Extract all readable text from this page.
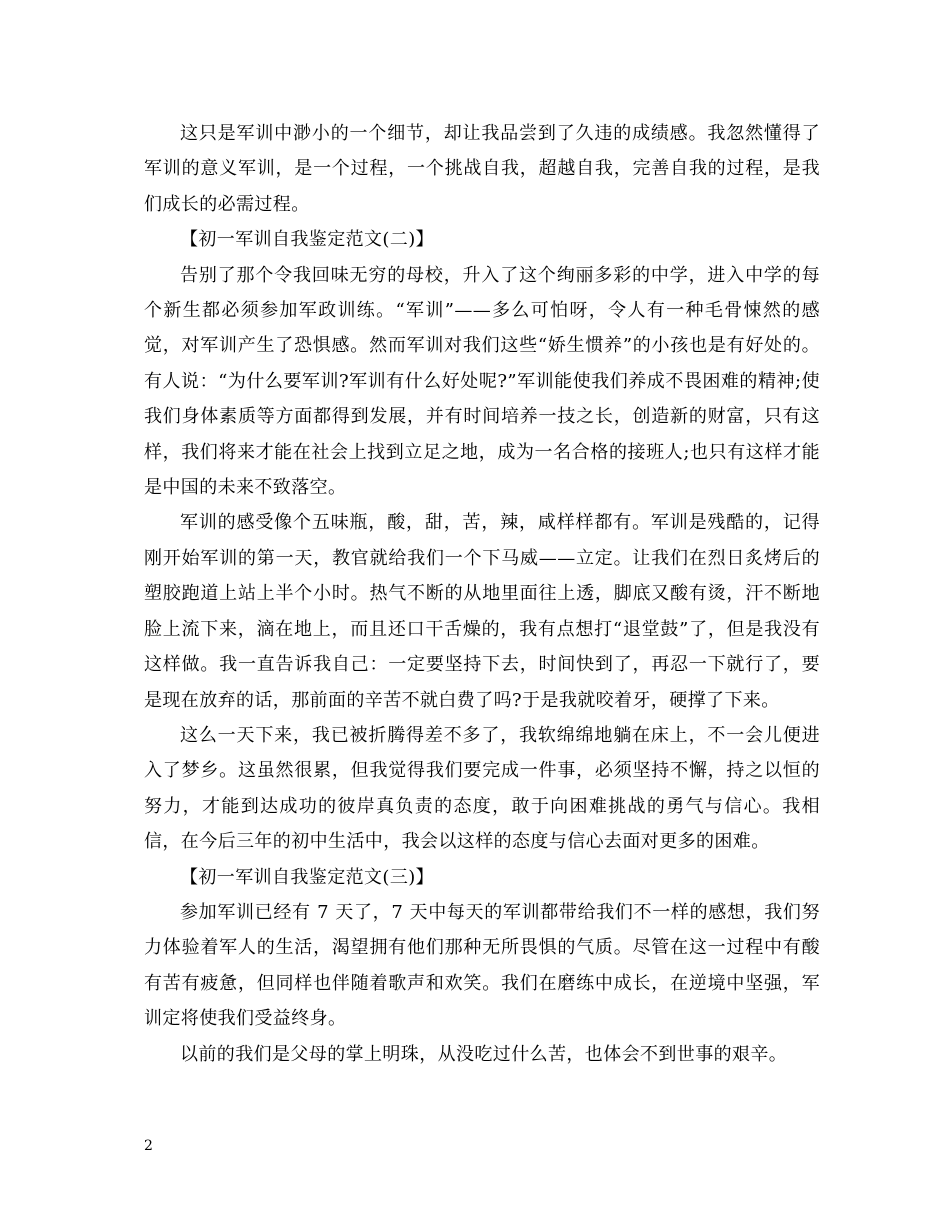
这只是军训中渺小的一个细节，却让我品尝到了久违的成绩感。我忽然懂得了军训的意义军训，是一个过程，一个挑战自我，超越自我，完善自我的过程，是我们成长的必需过程。

【初一军训自我鉴定范文(二)】

告别了那个令我回味无穷的母校，升入了这个绚丽多彩的中学，进入中学的每个新生都必须参加军政训练。“军训”——多么可怕呀，令人有一种毛骨悚然的感觉，对军训产生了恐惧感。然而军训对我们这些“娇生惯养”的小孩也是有好处的。有人说：“为什么要军训?军训有什么好处呢?”军训能使我们养成不畏困难的精神;使我们身体素质等方面都得到发展，并有时间培养一技之长，创造新的财富，只有这样，我们将来才能在社会上找到立足之地，成为一名合格的接班人;也只有这样才能是中国的未来不致落空。

军训的感受像个五味瓶，酸，甜，苦，辣，咸样样都有。军训是残酷的，记得刚开始军训的第一天，教官就给我们一个下马威——立定。让我们在烈日炙烤后的塑胶跑道上站上半个小时。热气不断的从地里面往上透，脚底又酸有烫，汗不断地脸上流下来，滴在地上，而且还口干舌燥的，我有点想打“退堂鼓”了，但是我没有这样做。我一直告诉我自己：一定要坚持下去，时间快到了，再忍一下就行了，要是现在放弃的话，那前面的辛苦不就白费了吗?于是我就咬着牙，硬撑了下来。

这么一天下来，我已被折腾得差不多了，我软绵绵地躺在床上，不一会儿便进入了梦乡。这虽然很累，但我觉得我们要完成一件事，必须坚持不懈，持之以恒的努力，才能到达成功的彼岸真负责的态度，敢于向困难挑战的勇气与信心。我相信，在今后三年的初中生活中，我会以这样的态度与信心去面对更多的困难。

【初一军训自我鉴定范文(三)】

参加军训已经有 7 天了，7 天中每天的军训都带给我们不一样的感想，我们努力体验着军人的生活，渴望拥有他们那种无所畏惧的气质。尽管在这一过程中有酸有苦有疲惫，但同样也伴随着歌声和欢笑。我们在磨练中成长，在逆境中坚强，军训定将使我们受益终身。

以前的我们是父母的掌上明珠，从没吃过什么苦，也体会不到世事的艰辛。

2
